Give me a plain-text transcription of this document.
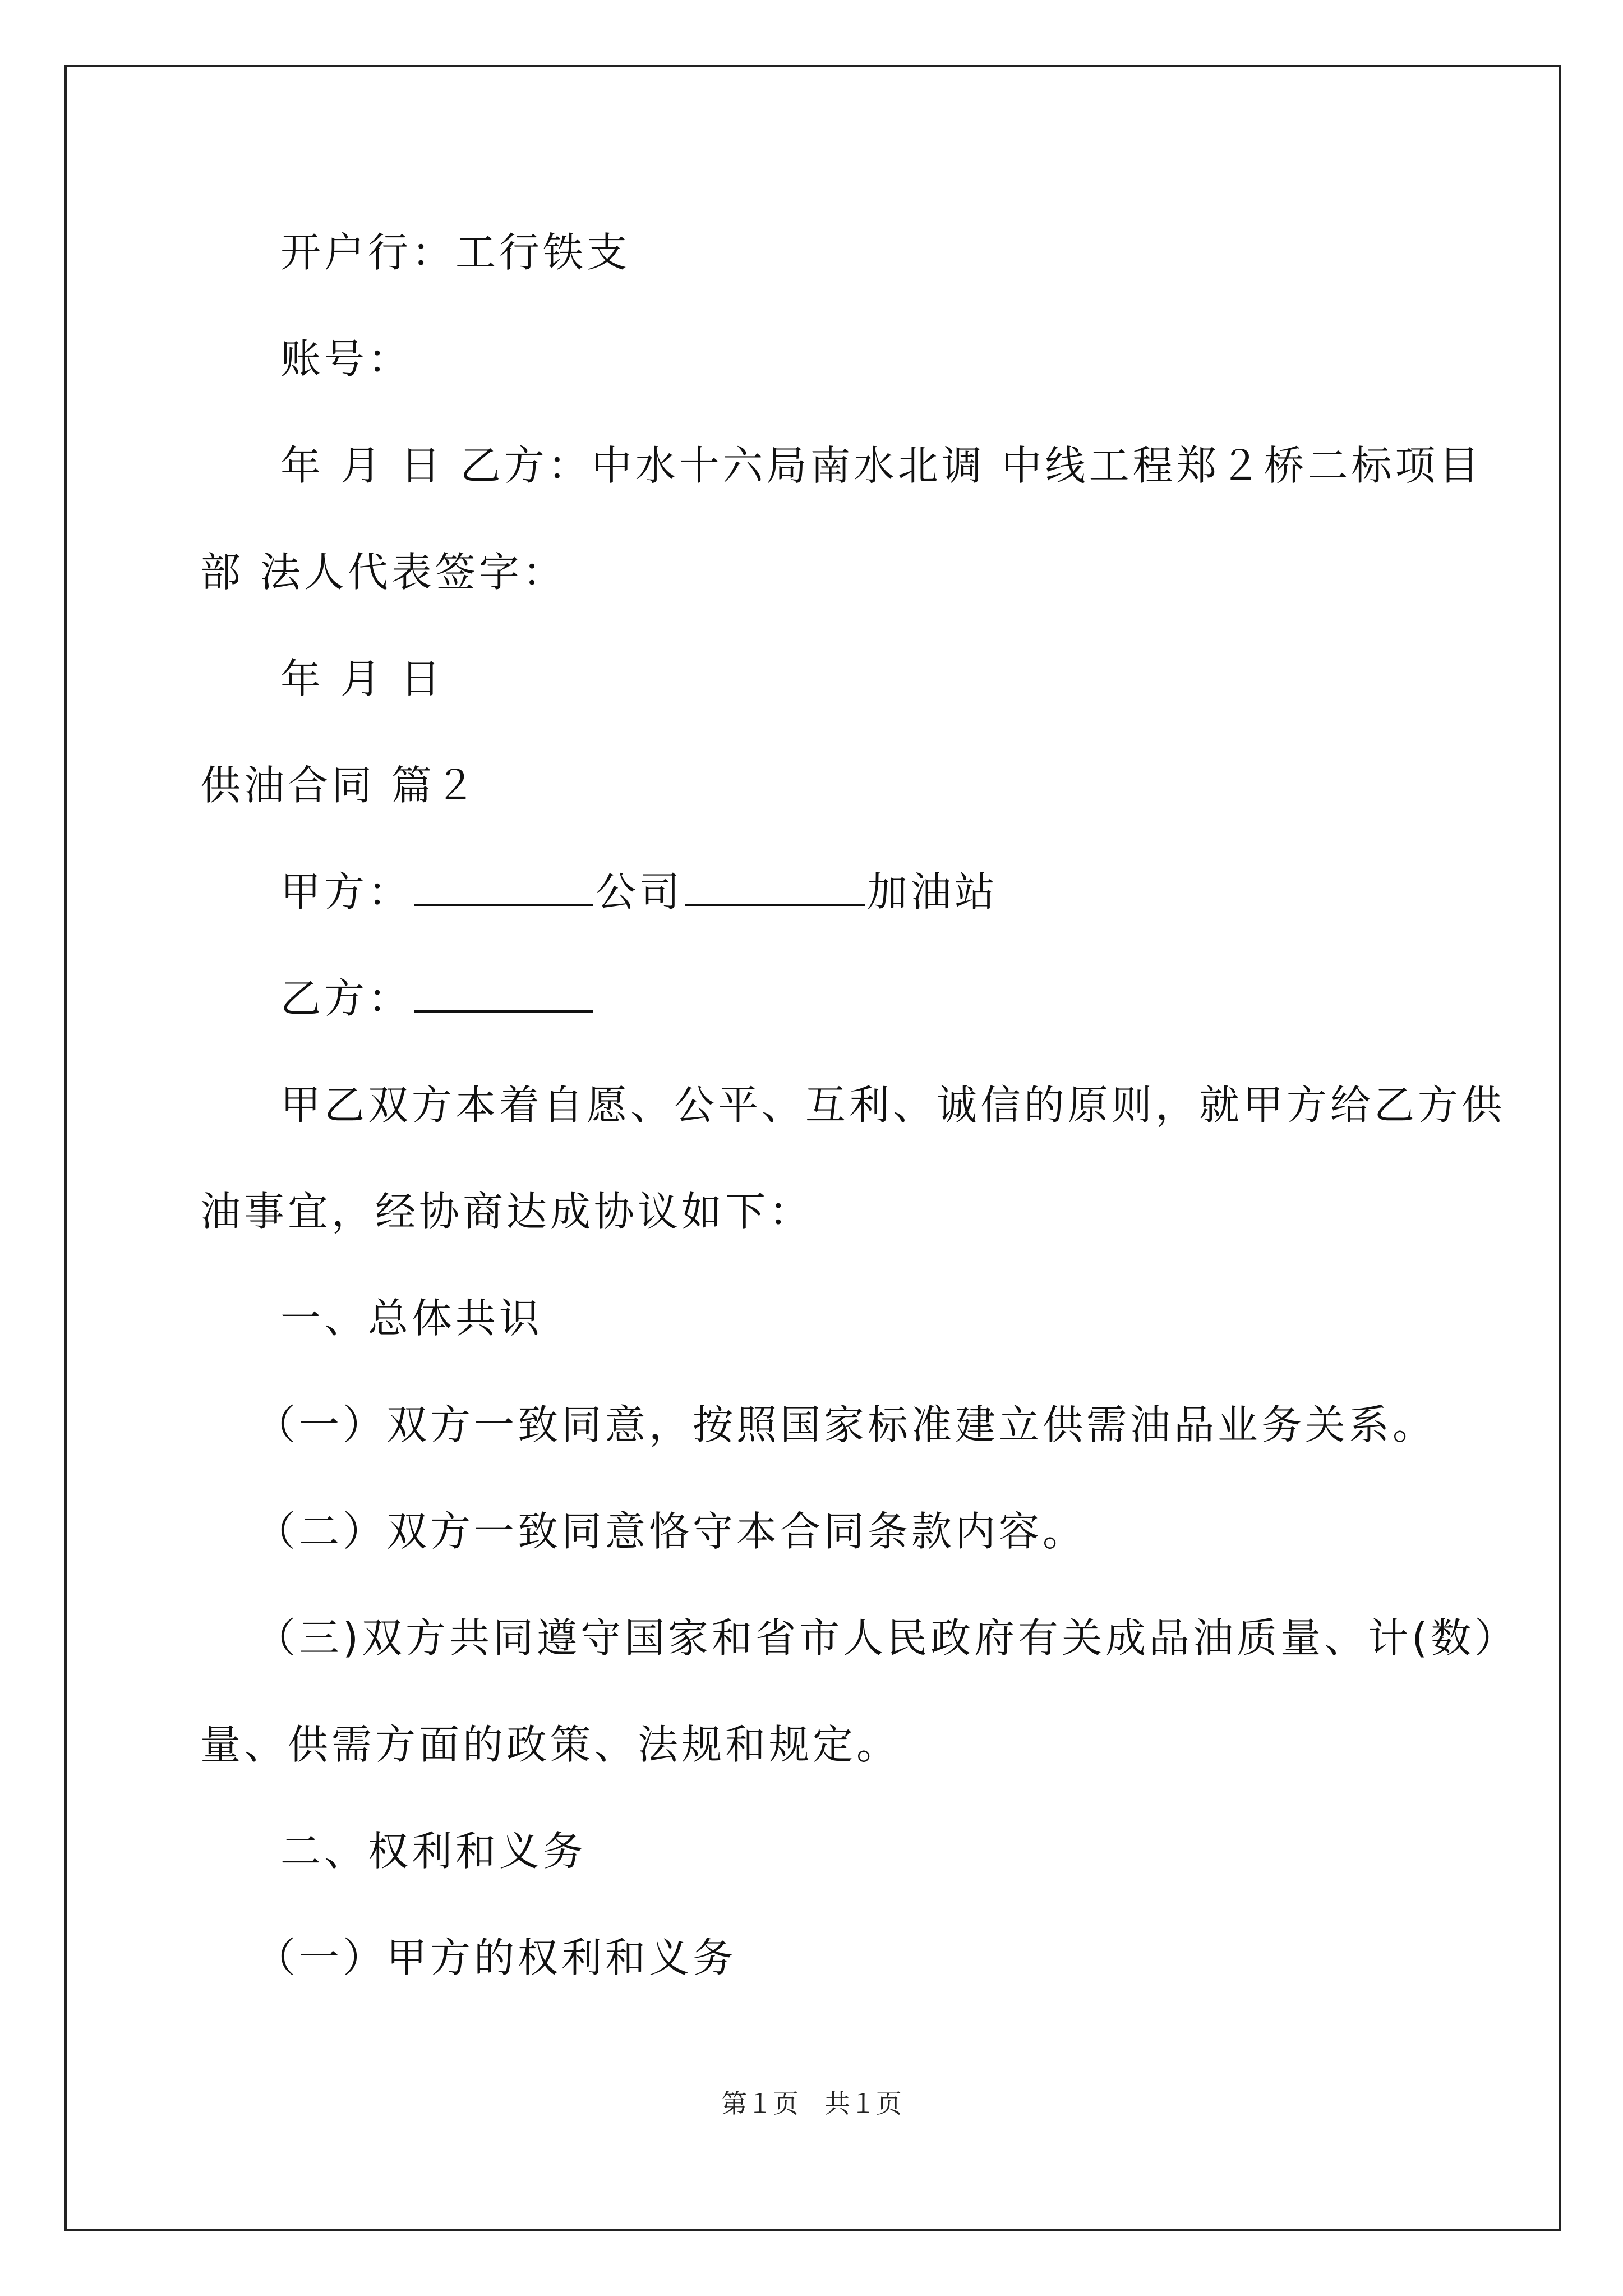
开户行：工行铁支
账号：
年 月 日 乙方：中水十六局南水北调 中线工程郑２桥二标项目
部 法人代表签字：
年 月 日
供油合同 篇２
甲方：	公司	加油站
乙方：
甲乙双方本着自愿、公平、互利、诚信的原则，就甲方给乙方供
油事宜，经协商达成协议如下：
一、总体共识
（一）双方一致同意，按照国家标准建立供需油品业务关系。
（二）双方一致同意恪守本合同条款内容。
（三)双方共同遵守国家和省市人民政府有关成品油质量、计(数）
量、供需方面的政策、法规和规定。
二、权利和义务
（一）甲方的权利和义务
第１页　共１页
